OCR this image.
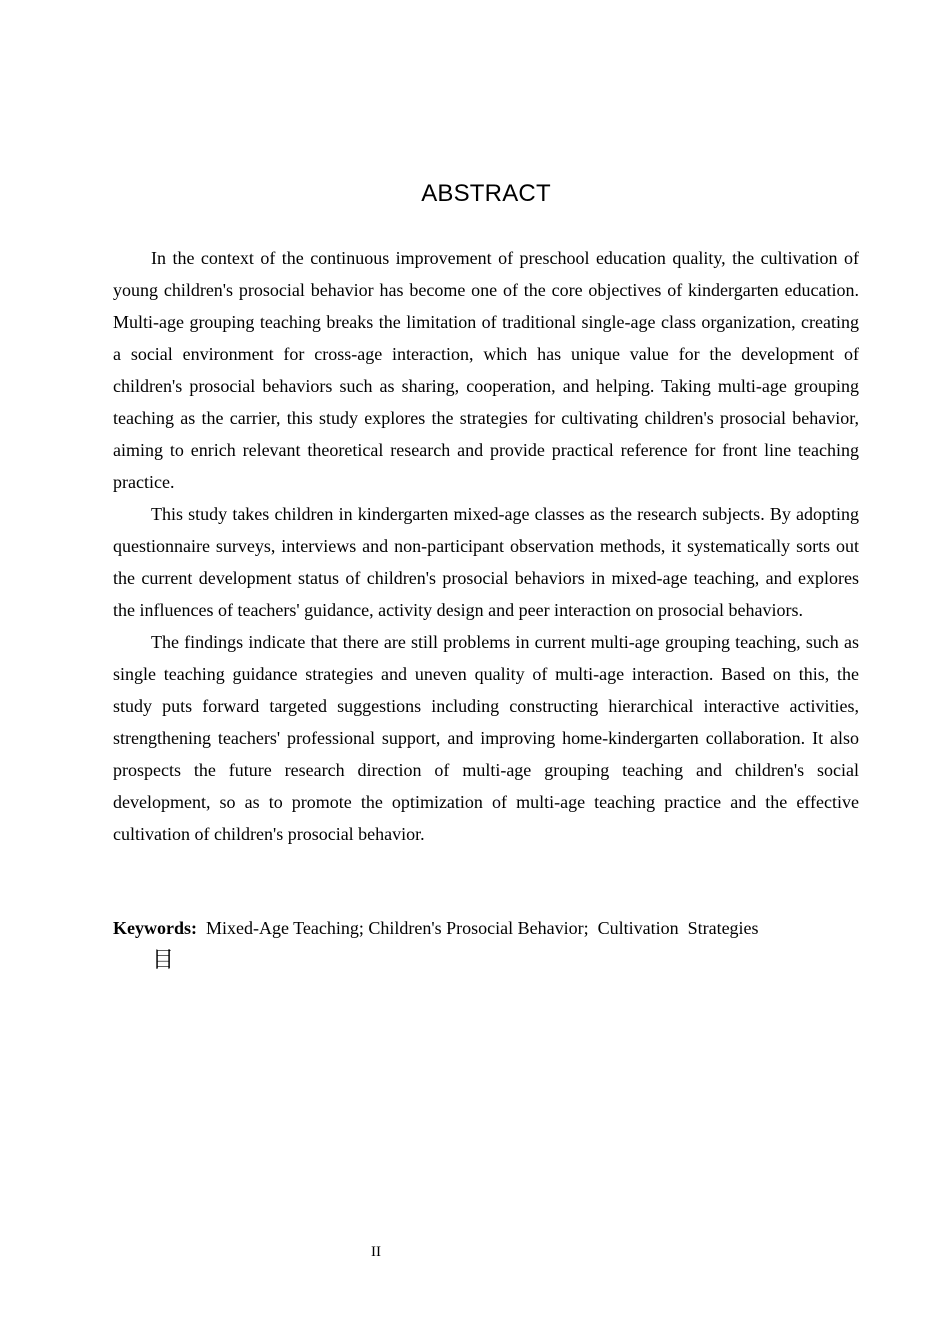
ABSTRACT

In the context of the continuous improvement of preschool education quality, the cultivation of young children's prosocial behavior has become one of the core objectives of kindergarten education. Multi-age grouping teaching breaks the limitation of traditional single-age class organization, creating a social environment for cross-age interaction, which has unique value for the development of children's prosocial behaviors such as sharing, cooperation, and helping. Taking multi-age grouping teaching as the carrier, this study explores the strategies for cultivating children's prosocial behavior, aiming to enrich relevant theoretical research and provide practical reference for front line teaching practice.

This study takes children in kindergarten mixed-age classes as the research subjects. By adopting questionnaire surveys, interviews and non-participant observation methods, it systematically sorts out the current development status of children's prosocial behaviors in mixed-age teaching, and explores the influences of teachers' guidance, activity design and peer interaction on prosocial behaviors.

The findings indicate that there are still problems in current multi-age grouping teaching, such as single teaching guidance strategies and uneven quality of multi-age interaction. Based on this, the study puts forward targeted suggestions including constructing hierarchical interactive activities, strengthening teachers' professional support, and improving home-kindergarten collaboration. It also prospects the future research direction of multi-age grouping teaching and children's social development, so as to promote the optimization of multi-age teaching practice and the effective cultivation of children's prosocial behavior.

Keywords:  Mixed-Age Teaching; Children's Prosocial Behavior;  Cultivation  Strategies
目
II
